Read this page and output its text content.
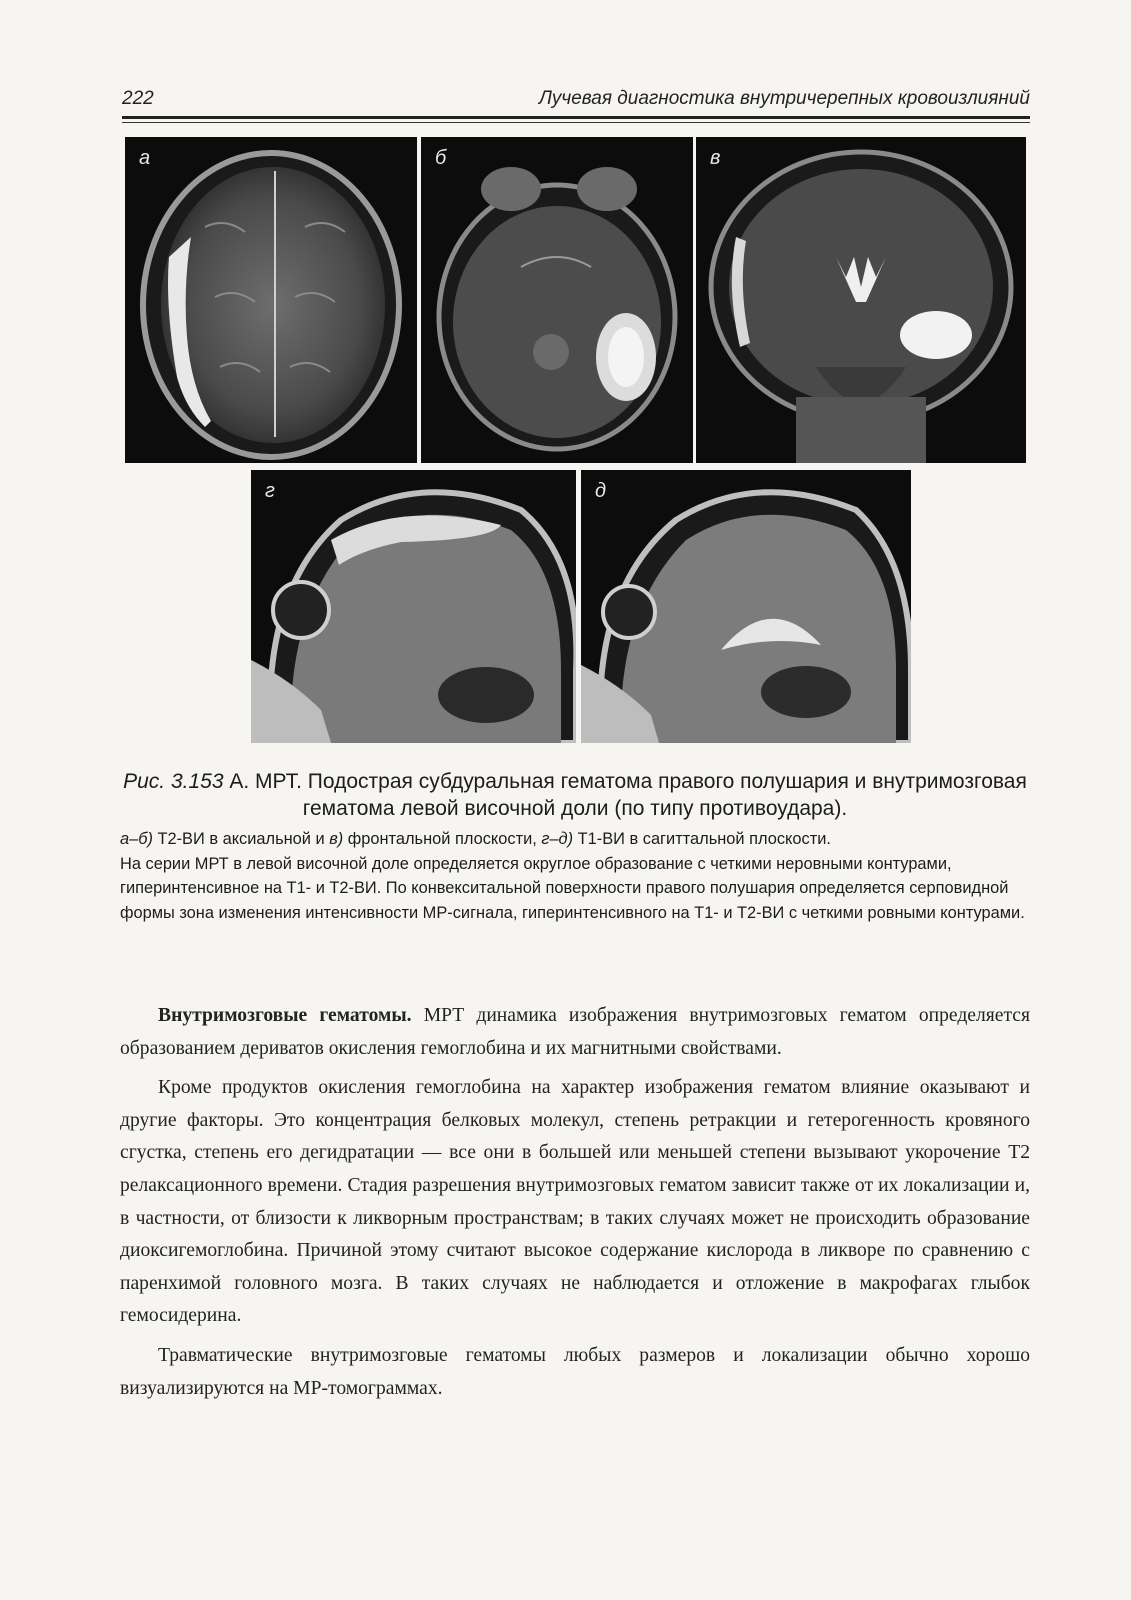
222	Лучевая диагностика внутричерепных кровоизлияний
а	б	в
г	д

Рис. 3.153 А. МРТ. Подострая субдуральная гематома правого полушария и внутримозговая гематома левой височной доли (по типу противоудара).

а–б) Т2-ВИ в аксиальной и в) фронтальной плоскости, г–д) Т1-ВИ в сагиттальной плоскости.
На серии МРТ в левой височной доле определяется округлое образование с четкими неровными контурами, гиперинтенсивное на Т1- и Т2-ВИ. По конвекситальной поверхности правого полушария определяется серповидной формы зона изменения интенсивности МР-сигнала, гиперинтенсивного на Т1- и Т2-ВИ с четкими ровными контурами.

Внутримозговые гематомы. МРТ динамика изображения внутримозговых гематом определяется образованием дериватов окисления гемоглобина и их магнитными свойствами.

Кроме продуктов окисления гемоглобина на характер изображения гематом влияние оказывают и другие факторы. Это концентрация белковых молекул, степень ретракции и гетерогенность кровяного сгустка, степень его дегидратации — все они в большей или меньшей степени вызывают укорочение Т2 релаксационного времени. Стадия разрешения внутримозговых гематом зависит также от их локализации и, в частности, от близости к ликворным пространствам; в таких случаях может не происходить образование диоксигемоглобина. Причиной этому считают высокое содержание кислорода в ликворе по сравнению с паренхимой головного мозга. В таких случаях не наблюдается и отложение в макрофагах глыбок гемосидерина.

Травматические внутримозговые гематомы любых размеров и локализации обычно хорошо визуализируются на МР-томограммах.
